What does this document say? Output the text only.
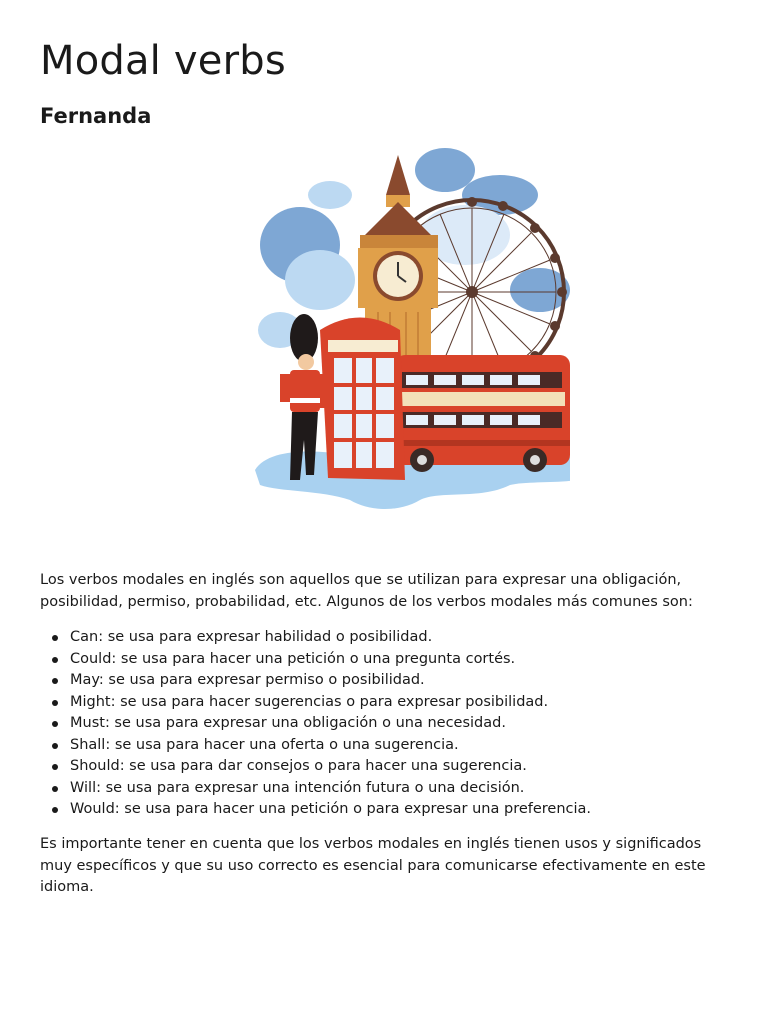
Modal verbs
Fernanda

Los verbos modales en inglés son aquellos que se utilizan para expresar una obligación, posibilidad, permiso, probabilidad, etc. Algunos de los verbos modales más comunes son:

Can: se usa para expresar habilidad o posibilidad.
Could: se usa para hacer una petición o una pregunta cortés.
May: se usa para expresar permiso o posibilidad.
Might: se usa para hacer sugerencias o para expresar posibilidad.
Must: se usa para expresar una obligación o una necesidad.
Shall: se usa para hacer una oferta o una sugerencia.
Should: se usa para dar consejos o para hacer una sugerencia.
Will: se usa para expresar una intención futura o una decisión.
Would: se usa para hacer una petición o para expresar una preferencia.

Es importante tener en cuenta que los verbos modales en inglés tienen usos y significados muy específicos y que su uso correcto es esencial para comunicarse efectivamente en este idioma.
